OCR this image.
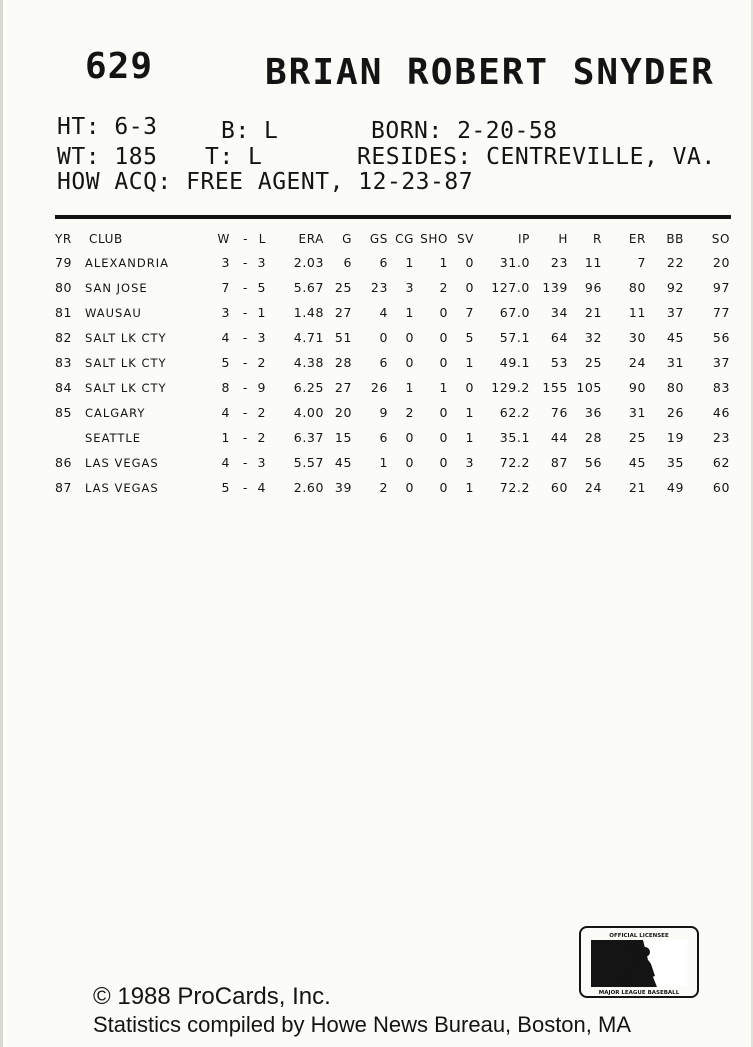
629	BRIAN ROBERT SNYDER
HT: 6-3	B: L	BORN: 2-20-58
WT: 185 T: L	RESIDES: CENTREVILLE, VA.
HOW ACQ: FREE AGENT, 12-23-87
YR	CLUB	W	-	L	ERA	G	GS	CG	SHO	SV	IP	H	R	ER	BB	SO
79	ALEXANDRIA	3	-	3	2.03	6	6	1	1	0	31.0	23	11	7	22	20
80	SAN JOSE	7	-	5	5.67	25	23	3	2	0	127.0	139	96	80	92	97
81	WAUSAU	3	-	1	1.48	27	4	1	0	7	67.0	34	21	11	37	77
82	SALT LK CTY	4	-	3	4.71	51	0	0	0	5	57.1	64	32	30	45	56
83	SALT LK CTY	5	-	2	4.38	28	6	0	0	1	49.1	53	25	24	31	37
84	SALT LK CTY	8	-	9	6.25	27	26	1	1	0	129.2	155	105	90	80	83
85	CALGARY	4	-	2	4.00	20	9	2	0	1	62.2	76	36	31	26	46
	SEATTLE	1	-	2	6.37	15	6	0	0	1	35.1	44	28	25	19	23
86	LAS VEGAS	4	-	3	5.57	45	1	0	0	3	72.2	87	56	45	35	62
87	LAS VEGAS	5	-	4	2.60	39	2	0	0	1	72.2	60	24	21	49	60
OFFICIAL LICENSEE
MAJOR LEAGUE BASEBALL
© 1988 ProCards, Inc.
Statistics compiled by Howe News Bureau, Boston, MA
